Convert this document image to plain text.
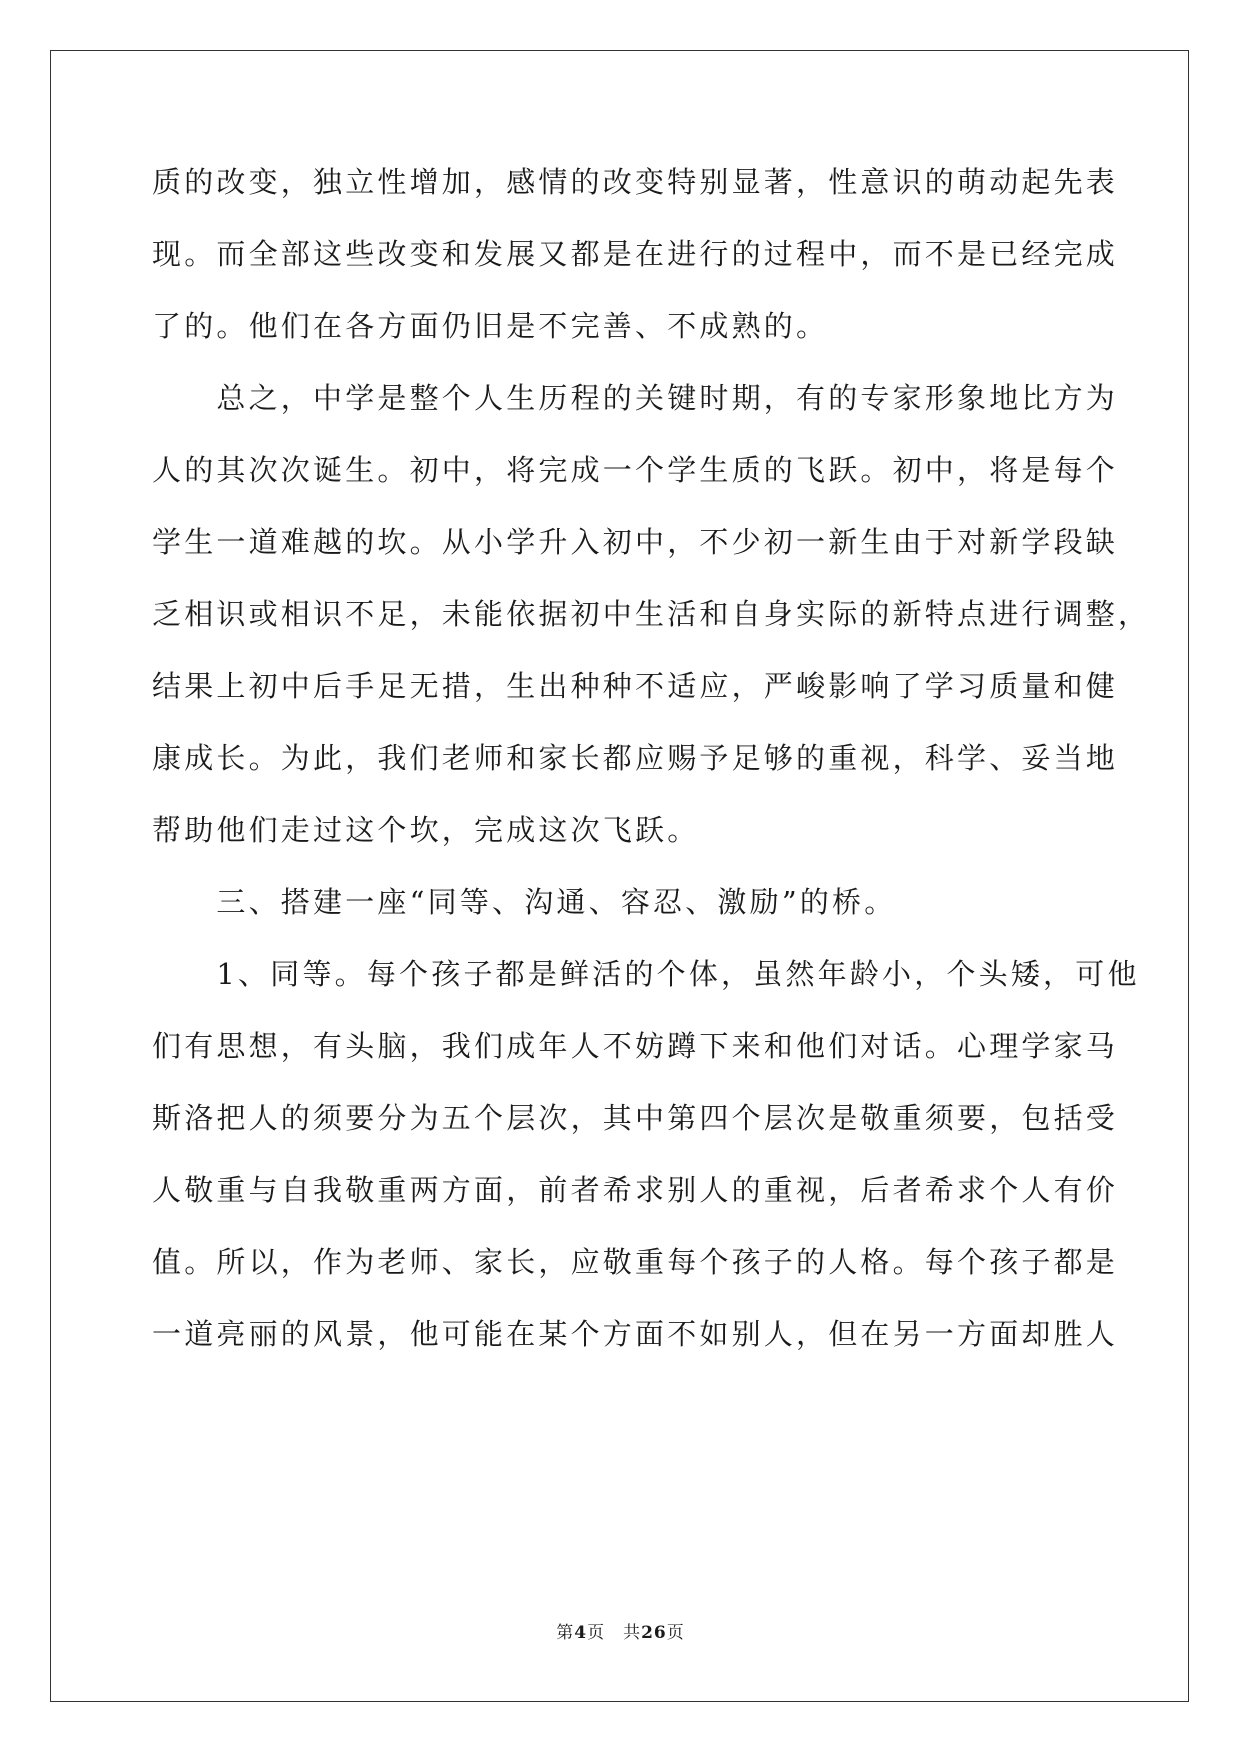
质的改变，独立性增加，感情的改变特别显著，性意识的萌动起先表
现。而全部这些改变和发展又都是在进行的过程中，而不是已经完成
了的。他们在各方面仍旧是不完善、不成熟的。
　　总之，中学是整个人生历程的关键时期，有的专家形象地比方为
人的其次次诞生。初中，将完成一个学生质的飞跃。初中，将是每个
学生一道难越的坎。从小学升入初中，不少初一新生由于对新学段缺
乏相识或相识不足，未能依据初中生活和自身实际的新特点进行调整，
结果上初中后手足无措，生出种种不适应，严峻影响了学习质量和健
康成长。为此，我们老师和家长都应赐予足够的重视，科学、妥当地
帮助他们走过这个坎，完成这次飞跃。
　　三、搭建一座“同等、沟通、容忍、激励”的桥。
　　1、同等。每个孩子都是鲜活的个体，虽然年龄小，个头矮，可他
们有思想，有头脑，我们成年人不妨蹲下来和他们对话。心理学家马
斯洛把人的须要分为五个层次，其中第四个层次是敬重须要，包括受
人敬重与自我敬重两方面，前者希求别人的重视，后者希求个人有价
值。所以，作为老师、家长，应敬重每个孩子的人格。每个孩子都是
一道亮丽的风景，他可能在某个方面不如别人，但在另一方面却胜人
第4页 共26页
